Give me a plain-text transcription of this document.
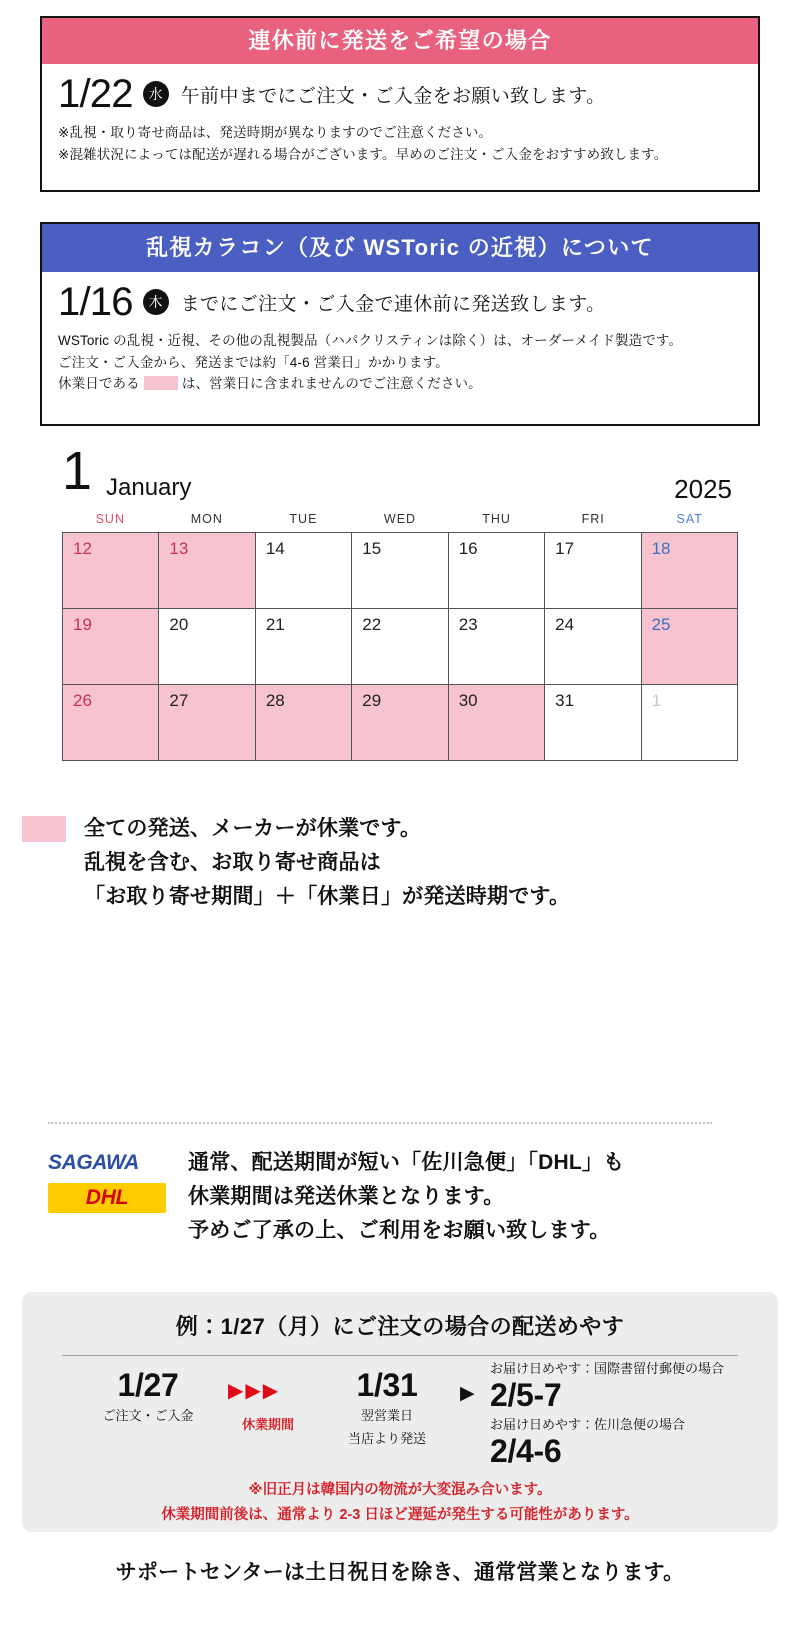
連休前に発送をご希望の場合
1/22	水 午前中までにご注文・ご入金をお願い致します。
※乱視・取り寄せ商品は、発送時期が異なりますのでご注意ください。
※混雑状況によっては配送が遅れる場合がございます。早めのご注文・ご入金をおすすめ致します。
乱視カラコン（及び WSToric の近視）について
1/16	木 までにご注文・ご入金で連休前に発送致します。
WSToric の乱視・近視、その他の乱視製品（ハパクリスティンは除く）は、オーダーメイド製造です。
ご注文・ご入金から、発送までは約「4-6 営業日」かかります。
休業日である	は、営業日に含まれませんのでご注意ください。
1 January	2025
SUN	MON	TUE	WED	THU	FRI	SAT
12	13	14	15	16	17	18
19	20	21	22	23	24	25
26	27	28	29	30	31	1
全ての発送、メーカーが休業です。
乱視を含む、お取り寄せ商品は
「お取り寄せ期間」＋「休業日」が発送時期です。
SAGAWA
DHL
通常、配送期間が短い「佐川急便」「DHL」も
休業期間は発送休業となります。
予めご了承の上、ご利用をお願い致します。
例：1/27（月）にご注文の場合の配送めやす
1/27
ご注文・ご入金
▶▶▶
休業期間
1/31
翌営業日
当店より発送
▶
お届け日めやす：国際書留付郵便の場合
2/5-7
お届け日めやす：佐川急便の場合
2/4-6
※旧正月は韓国内の物流が大変混み合います。
休業期間前後は、通常より 2-3 日ほど遅延が発生する可能性があります。
サポートセンターは土日祝日を除き、通常営業となります。
